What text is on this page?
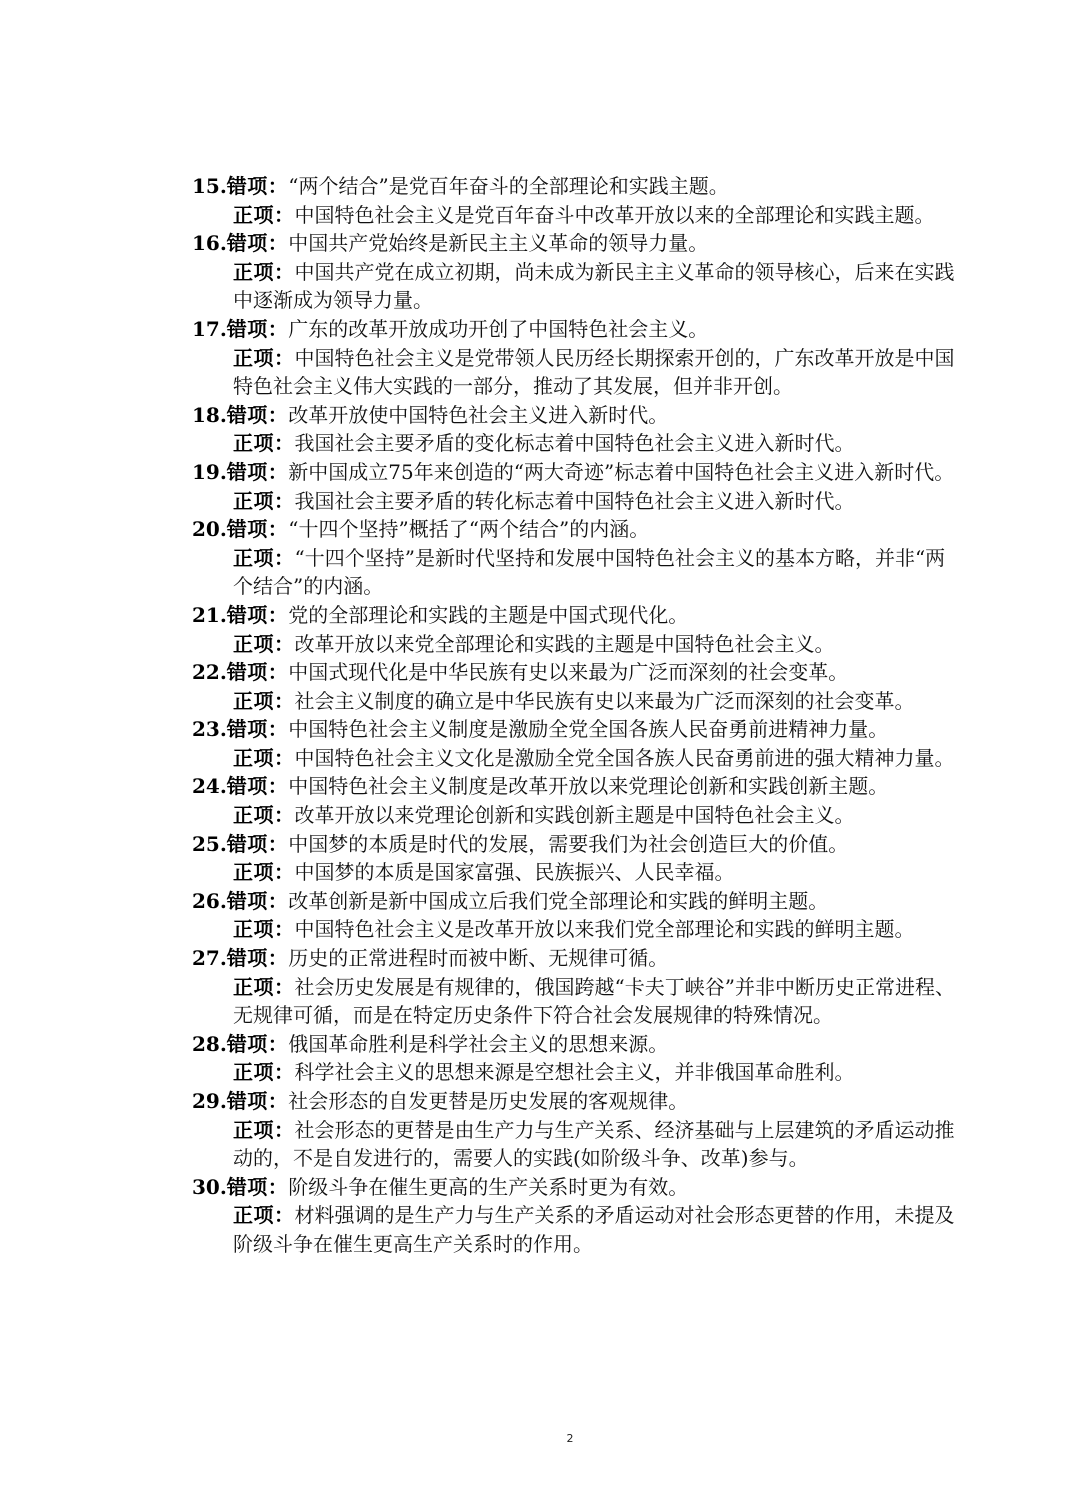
15.错项：“两个结合”是党百年奋斗的全部理论和实践主题。
正项：中国特色社会主义是党百年奋斗中改革开放以来的全部理论和实践主题。
16.错项：中国共产党始终是新民主主义革命的领导力量。
正项：中国共产党在成立初期，尚未成为新民主主义革命的领导核心，后来在实践中逐渐成为领导力量。
17.错项：广东的改革开放成功开创了中国特色社会主义。
正项：中国特色社会主义是党带领人民历经长期探索开创的，广东改革开放是中国特色社会主义伟大实践的一部分，推动了其发展，但并非开创。
18.错项：改革开放使中国特色社会主义进入新时代。
正项：我国社会主要矛盾的变化标志着中国特色社会主义进入新时代。
19.错项：新中国成立75年来创造的“两大奇迹”标志着中国特色社会主义进入新时代。
正项：我国社会主要矛盾的转化标志着中国特色社会主义进入新时代。
20.错项：“十四个坚持”概括了“两个结合”的内涵。
正项：“十四个坚持”是新时代坚持和发展中国特色社会主义的基本方略，并非“两个结合”的内涵。
21.错项：党的全部理论和实践的主题是中国式现代化。
正项：改革开放以来党全部理论和实践的主题是中国特色社会主义。
22.错项：中国式现代化是中华民族有史以来最为广泛而深刻的社会变革。
正项：社会主义制度的确立是中华民族有史以来最为广泛而深刻的社会变革。
23.错项：中国特色社会主义制度是激励全党全国各族人民奋勇前进精神力量。
正项：中国特色社会主义文化是激励全党全国各族人民奋勇前进的强大精神力量。
24.错项：中国特色社会主义制度是改革开放以来党理论创新和实践创新主题。
正项：改革开放以来党理论创新和实践创新主题是中国特色社会主义。
25.错项：中国梦的本质是时代的发展，需要我们为社会创造巨大的价值。
正项：中国梦的本质是国家富强、民族振兴、人民幸福。
26.错项：改革创新是新中国成立后我们党全部理论和实践的鲜明主题。
正项：中国特色社会主义是改革开放以来我们党全部理论和实践的鲜明主题。
27.错项：历史的正常进程时而被中断、无规律可循。
正项：社会历史发展是有规律的，俄国跨越“卡夫丁峡谷”并非中断历史正常进程、无规律可循，而是在特定历史条件下符合社会发展规律的特殊情况。
28.错项：俄国革命胜利是科学社会主义的思想来源。
正项：科学社会主义的思想来源是空想社会主义，并非俄国革命胜利。
29.错项：社会形态的自发更替是历史发展的客观规律。
正项：社会形态的更替是由生产力与生产关系、经济基础与上层建筑的矛盾运动推动的，不是自发进行的，需要人的实践(如阶级斗争、改革)参与。
30.错项：阶级斗争在催生更高的生产关系时更为有效。
正项：材料强调的是生产力与生产关系的矛盾运动对社会形态更替的作用，未提及阶级斗争在催生更高生产关系时的作用。
2
